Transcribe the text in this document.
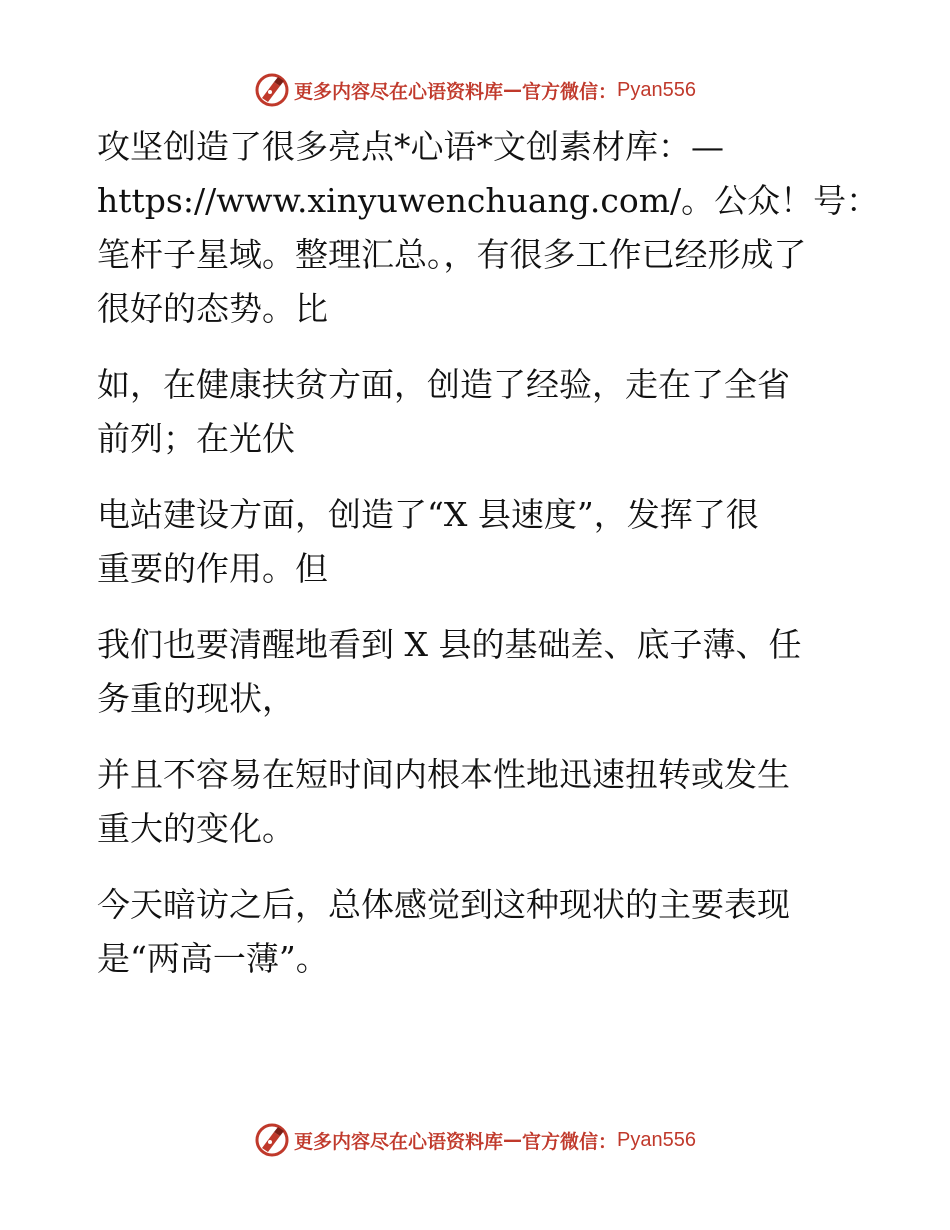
更多内容尽在心语资料库 — 官方微信： Pyan556

攻坚创造了很多亮点*心语*文创素材库：—
https://www.xinyuwenchuang.com/。公众！号：
笔杆子星域。整理汇总。，有很多工作已经形成了
很好的态势。比

如，在健康扶贫方面，创造了经验，走在了全省
前列；在光伏

电站建设方面，创造了“X 县速度”，发挥了很
重要的作用。但

我们也要清醒地看到 X 县的基础差、底子薄、任
务重的现状，

并且不容易在短时间内根本性地迅速扭转或发生
重大的变化。

今天暗访之后，总体感觉到这种现状的主要表现
是“两高一薄”。

更多内容尽在心语资料库 — 官方微信： Pyan556
